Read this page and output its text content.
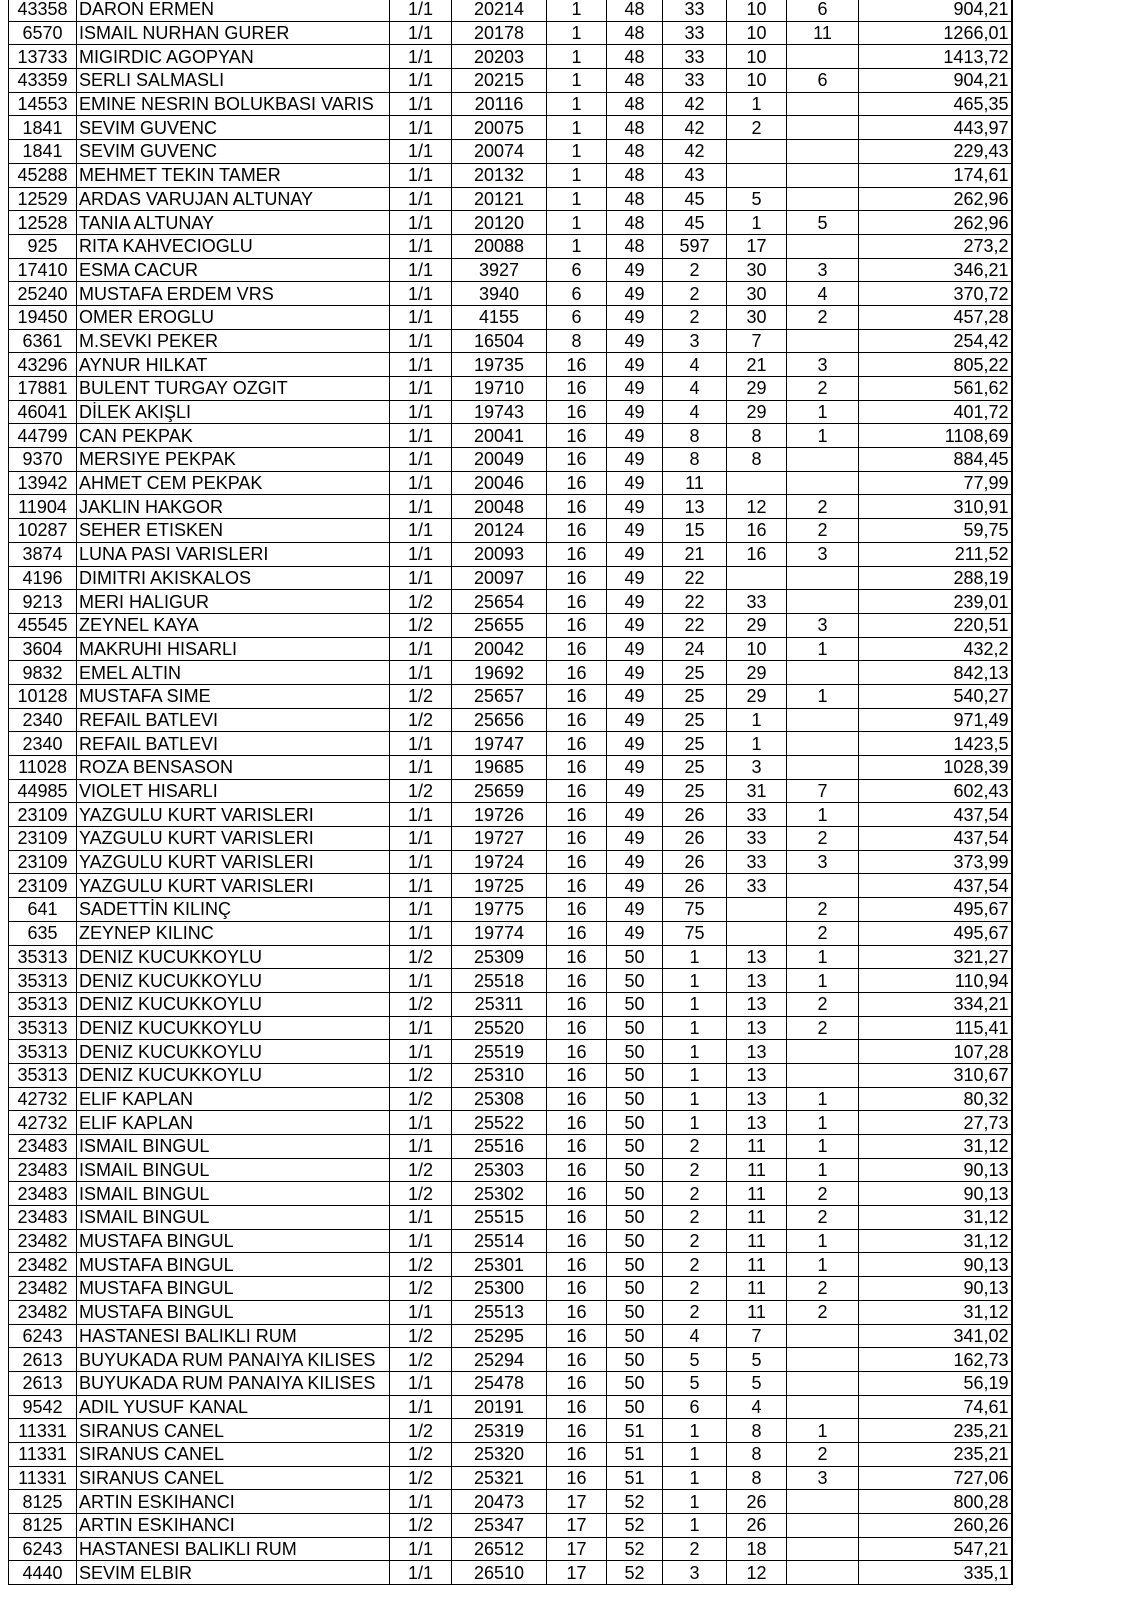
43358	DARON ERMEN	1/1	20214	1	48	33	10	6	904,21
6570	ISMAIL NURHAN GURER	1/1	20178	1	48	33	10	11	1266,01
13733	MIGIRDIC AGOPYAN	1/1	20203	1	48	33	10		1413,72
43359	SERLI SALMASLI	1/1	20215	1	48	33	10	6	904,21
14553	EMINE NESRIN BOLUKBASI VARIS	1/1	20116	1	48	42	1		465,35
1841	SEVIM GUVENC	1/1	20075	1	48	42	2		443,97
1841	SEVIM GUVENC	1/1	20074	1	48	42			229,43
45288	MEHMET TEKIN TAMER	1/1	20132	1	48	43			174,61
12529	ARDAS VARUJAN ALTUNAY	1/1	20121	1	48	45	5		262,96
12528	TANIA ALTUNAY	1/1	20120	1	48	45	1	5	262,96
925	RITA KAHVECIOGLU	1/1	20088	1	48	597	17		273,2
17410	ESMA CACUR	1/1	3927	6	49	2	30	3	346,21
25240	MUSTAFA ERDEM VRS	1/1	3940	6	49	2	30	4	370,72
19450	OMER EROGLU	1/1	4155	6	49	2	30	2	457,28
6361	M.SEVKI PEKER	1/1	16504	8	49	3	7		254,42
43296	AYNUR HILKAT	1/1	19735	16	49	4	21	3	805,22
17881	BULENT TURGAY OZGIT	1/1	19710	16	49	4	29	2	561,62
46041	DİLEK AKIŞLI	1/1	19743	16	49	4	29	1	401,72
44799	CAN PEKPAK	1/1	20041	16	49	8	8	1	1108,69
9370	MERSIYE PEKPAK	1/1	20049	16	49	8	8		884,45
13942	AHMET CEM PEKPAK	1/1	20046	16	49	11			77,99
11904	JAKLIN HAKGOR	1/1	20048	16	49	13	12	2	310,91
10287	SEHER ETISKEN	1/1	20124	16	49	15	16	2	59,75
3874	LUNA PASI VARISLERI	1/1	20093	16	49	21	16	3	211,52
4196	DIMITRI AKISKALOS	1/1	20097	16	49	22			288,19
9213	MERI HALIGUR	1/2	25654	16	49	22	33		239,01
45545	ZEYNEL KAYA	1/2	25655	16	49	22	29	3	220,51
3604	MAKRUHI HISARLI	1/1	20042	16	49	24	10	1	432,2
9832	EMEL ALTIN	1/1	19692	16	49	25	29		842,13
10128	MUSTAFA SIME	1/2	25657	16	49	25	29	1	540,27
2340	REFAIL BATLEVI	1/2	25656	16	49	25	1		971,49
2340	REFAIL BATLEVI	1/1	19747	16	49	25	1		1423,5
11028	ROZA BENSASON	1/1	19685	16	49	25	3		1028,39
44985	VIOLET HISARLI	1/2	25659	16	49	25	31	7	602,43
23109	YAZGULU KURT VARISLERI	1/1	19726	16	49	26	33	1	437,54
23109	YAZGULU KURT VARISLERI	1/1	19727	16	49	26	33	2	437,54
23109	YAZGULU KURT VARISLERI	1/1	19724	16	49	26	33	3	373,99
23109	YAZGULU KURT VARISLERI	1/1	19725	16	49	26	33		437,54
641	SADETTİN KILINÇ	1/1	19775	16	49	75		2	495,67
635	ZEYNEP KILINC	1/1	19774	16	49	75		2	495,67
35313	DENIZ KUCUKKOYLU	1/2	25309	16	50	1	13	1	321,27
35313	DENIZ KUCUKKOYLU	1/1	25518	16	50	1	13	1	110,94
35313	DENIZ KUCUKKOYLU	1/2	25311	16	50	1	13	2	334,21
35313	DENIZ KUCUKKOYLU	1/1	25520	16	50	1	13	2	115,41
35313	DENIZ KUCUKKOYLU	1/1	25519	16	50	1	13		107,28
35313	DENIZ KUCUKKOYLU	1/2	25310	16	50	1	13		310,67
42732	ELIF KAPLAN	1/2	25308	16	50	1	13	1	80,32
42732	ELIF KAPLAN	1/1	25522	16	50	1	13	1	27,73
23483	ISMAIL BINGUL	1/1	25516	16	50	2	11	1	31,12
23483	ISMAIL BINGUL	1/2	25303	16	50	2	11	1	90,13
23483	ISMAIL BINGUL	1/2	25302	16	50	2	11	2	90,13
23483	ISMAIL BINGUL	1/1	25515	16	50	2	11	2	31,12
23482	MUSTAFA BINGUL	1/1	25514	16	50	2	11	1	31,12
23482	MUSTAFA BINGUL	1/2	25301	16	50	2	11	1	90,13
23482	MUSTAFA BINGUL	1/2	25300	16	50	2	11	2	90,13
23482	MUSTAFA BINGUL	1/1	25513	16	50	2	11	2	31,12
6243	HASTANESI BALIKLI RUM	1/2	25295	16	50	4	7		341,02
2613	BUYUKADA RUM PANAIYA KILISES	1/2	25294	16	50	5	5		162,73
2613	BUYUKADA RUM PANAIYA KILISES	1/1	25478	16	50	5	5		56,19
9542	ADIL YUSUF KANAL	1/1	20191	16	50	6	4		74,61
11331	SIRANUS CANEL	1/2	25319	16	51	1	8	1	235,21
11331	SIRANUS CANEL	1/2	25320	16	51	1	8	2	235,21
11331	SIRANUS CANEL	1/2	25321	16	51	1	8	3	727,06
8125	ARTIN ESKIHANCI	1/1	20473	17	52	1	26		800,28
8125	ARTIN ESKIHANCI	1/2	25347	17	52	1	26		260,26
6243	HASTANESI BALIKLI RUM	1/1	26512	17	52	2	18		547,21
4440	SEVIM ELBIR	1/1	26510	17	52	3	12		335,1
